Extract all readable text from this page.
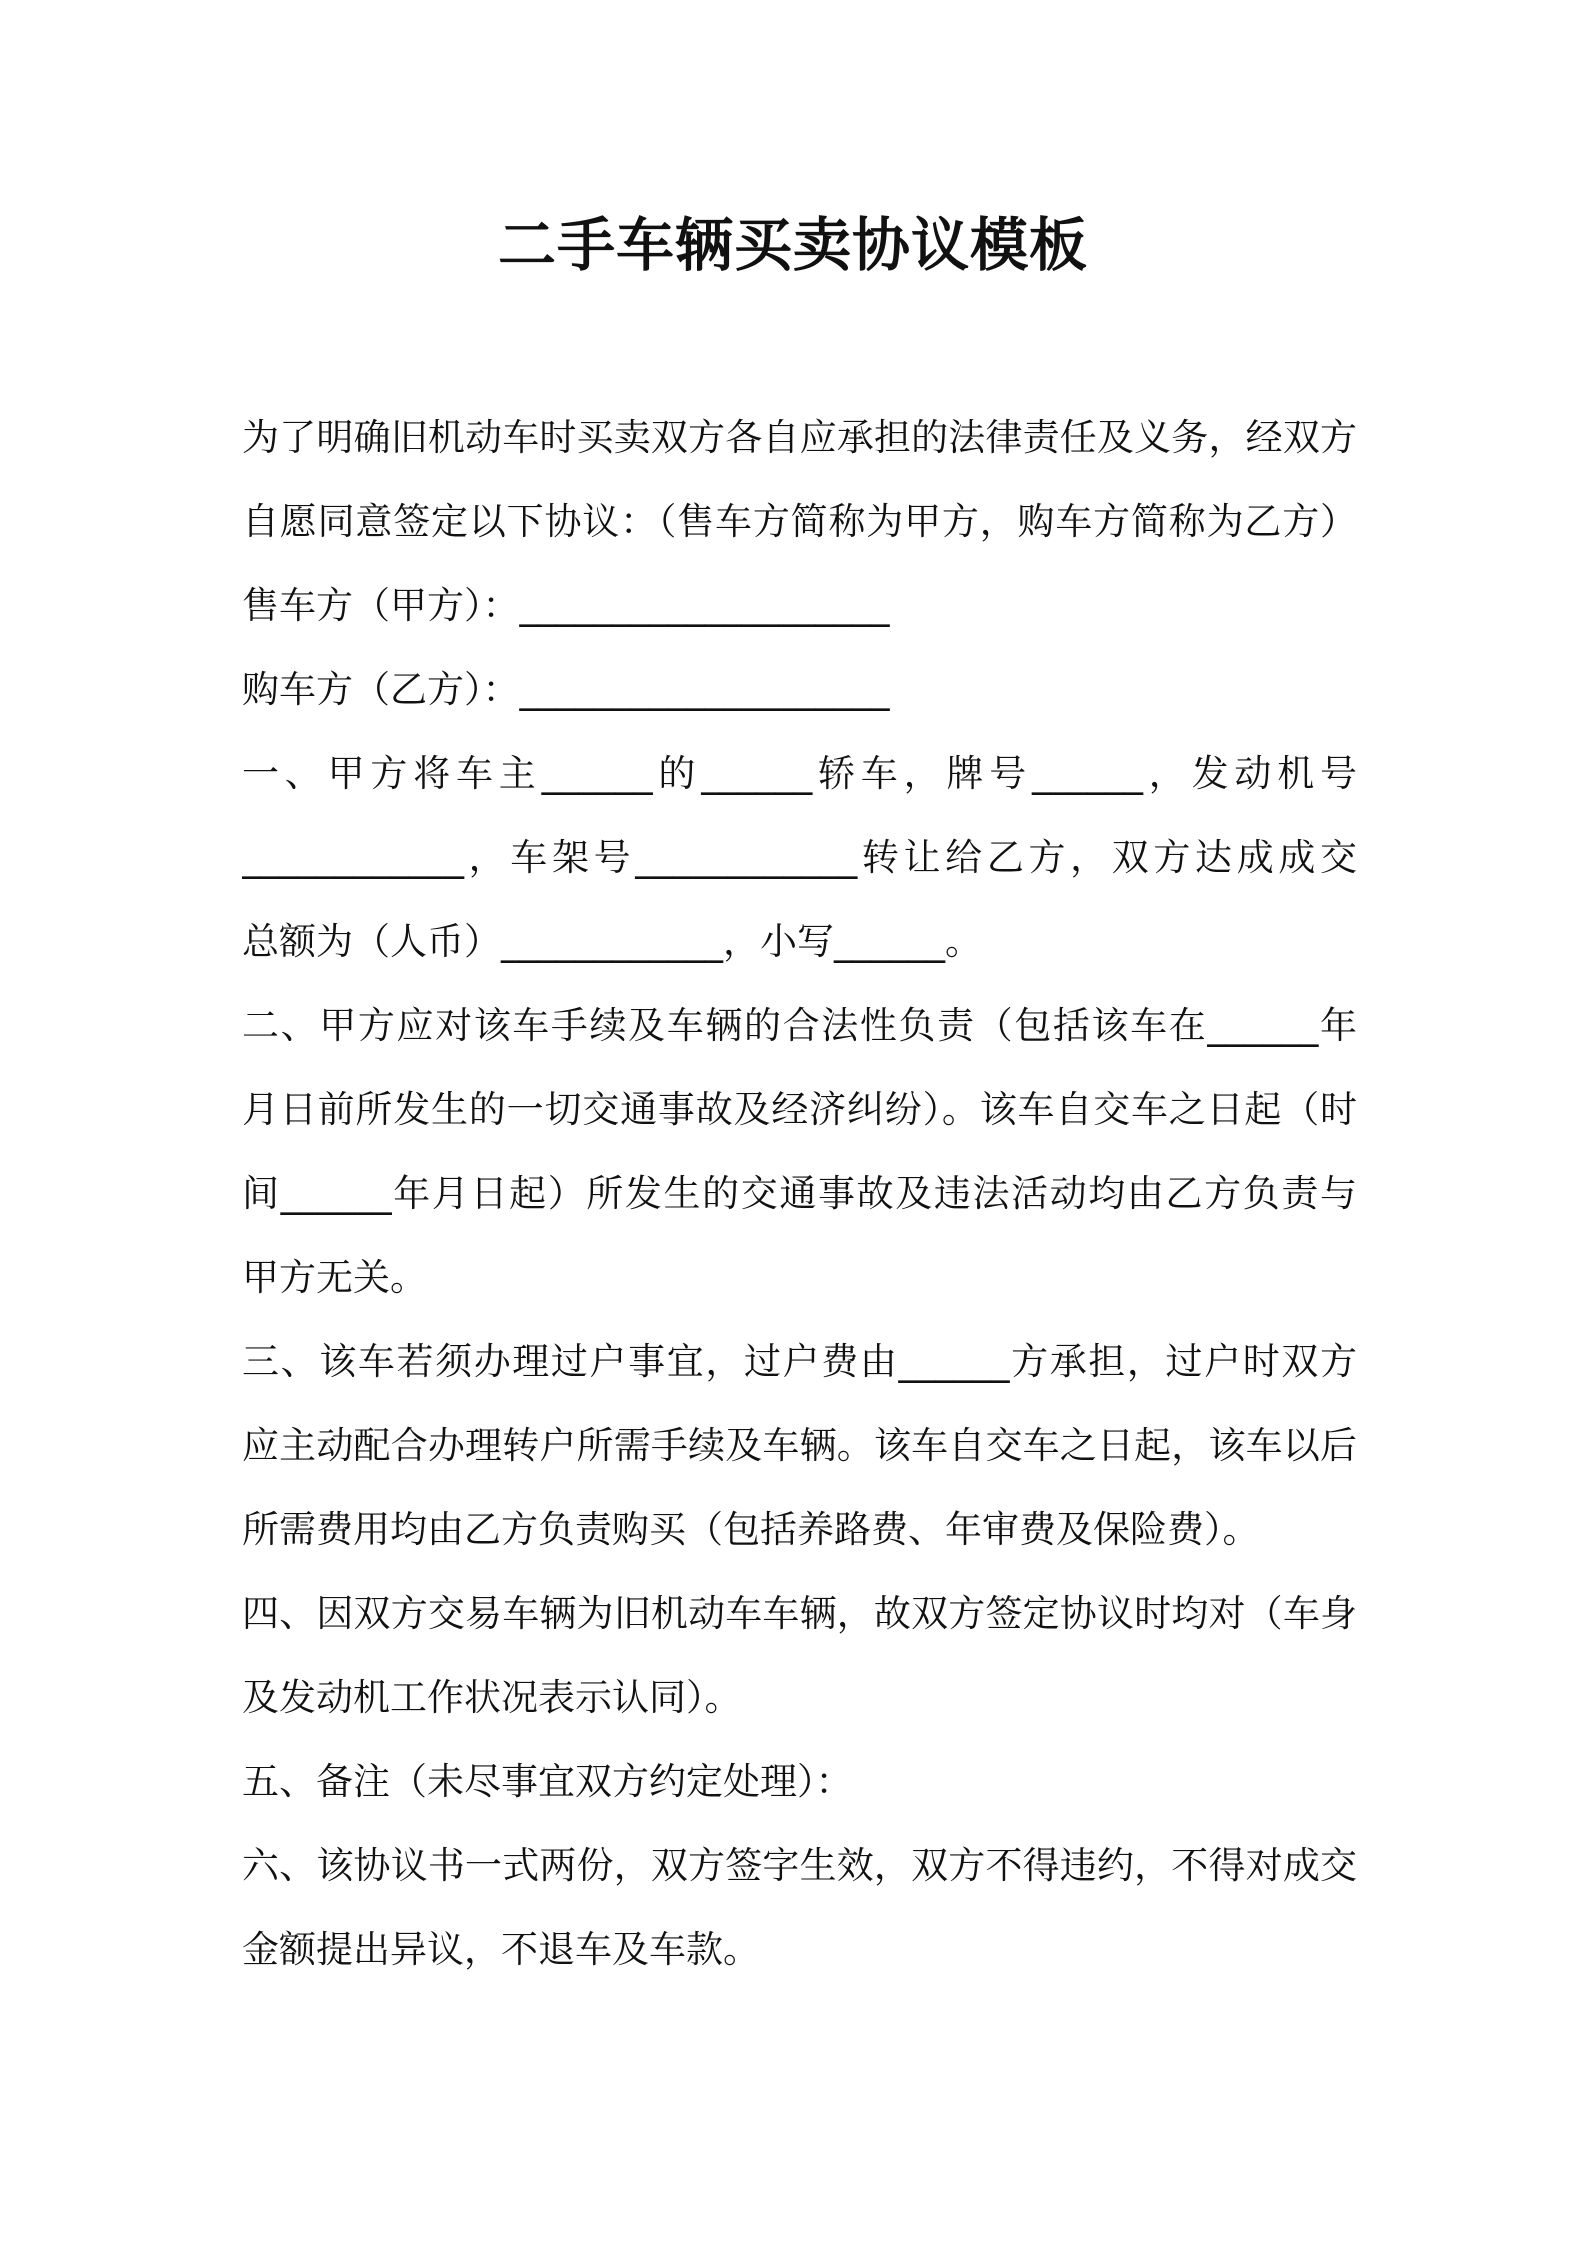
二手车辆买卖协议模板

为了明确旧机动车时买卖双方各自应承担的法律责任及义务，经双方

自愿同意签定以下协议：（售车方简称为甲方，购车方简称为乙方）

售车方（甲方）：____________________

购车方（乙方）：____________________

一、甲方将车主______的______轿车，牌号______，发动机号

____________，车架号____________转让给乙方，双方达成成交

总额为（人币）____________，小写______。

二、甲方应对该车手续及车辆的合法性负责（包括该车在______年

月日前所发生的一切交通事故及经济纠纷）。该车自交车之日起（时

间______年月日起）所发生的交通事故及违法活动均由乙方负责与

甲方无关。

三、该车若须办理过户事宜，过户费由______方承担，过户时双方

应主动配合办理转户所需手续及车辆。该车自交车之日起，该车以后

所需费用均由乙方负责购买（包括养路费、年审费及保险费）。

四、因双方交易车辆为旧机动车车辆，故双方签定协议时均对（车身

及发动机工作状况表示认同）。

五、备注（未尽事宜双方约定处理）：

六、该协议书一式两份，双方签字生效，双方不得违约，不得对成交

金额提出异议，不退车及车款。
